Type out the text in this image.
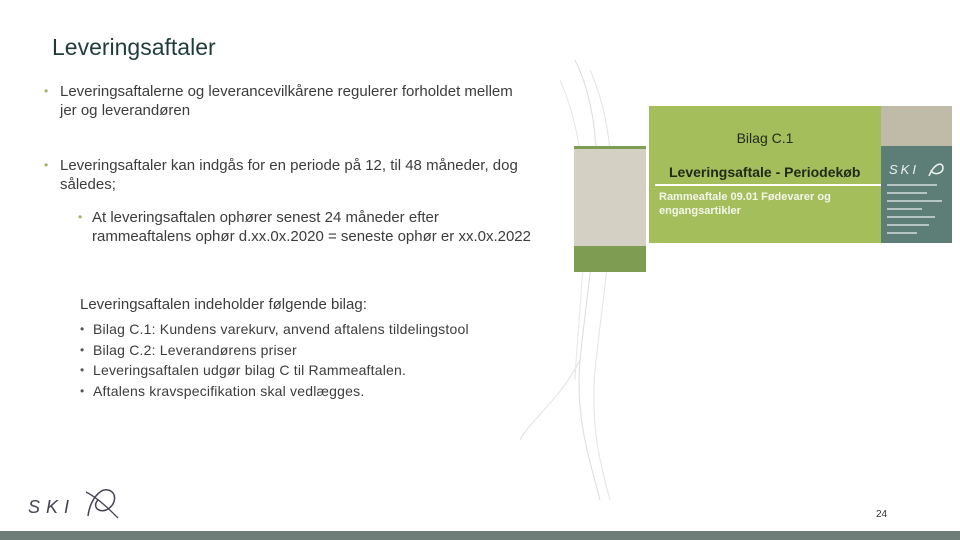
Leveringsaftaler
• Leveringsaftalerne og leverancevilkårene regulerer forholdet mellem jer og leverandøren
• Leveringsaftaler kan indgås for en periode på 12, til 48 måneder, dog således;
• At leveringsaftalen ophører senest 24 måneder efter rammeaftalens ophør d.xx.0x.2020 = seneste ophør er xx.0x.2022
Leveringsaftalen indeholder følgende bilag:
• Bilag C.1: Kundens varekurv, anvend aftalens tildelingstool
• Bilag C.2: Leverandørens priser
• Leveringsaftalen udgør bilag C til Rammeaftalen.
• Aftalens kravspecifikation skal vedlægges.
Bilag C.1
Leveringsaftale - Periodekøb
Rammeaftale 09.01 Fødevarer og engangsartikler
SKI
SKI	24
